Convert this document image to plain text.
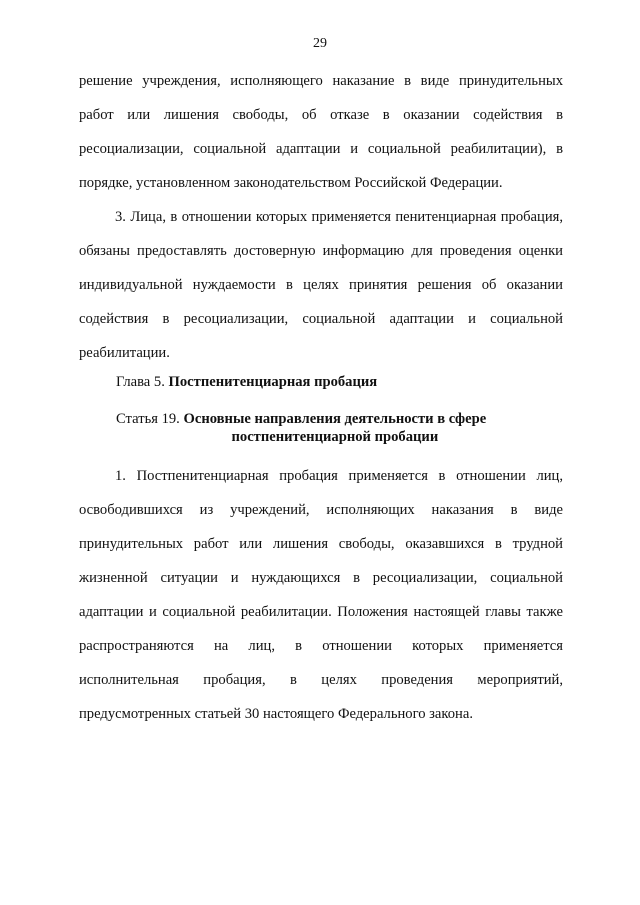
29
решение учреждения, исполняющего наказание в виде принудительных работ или лишения свободы, об отказе в оказании содействия в ресоциализации, социальной адаптации и социальной реабилитации), в порядке, установленном законодательством Российской Федерации.
3. Лица, в отношении которых применяется пенитенциарная пробация, обязаны предоставлять достоверную информацию для проведения оценки индивидуальной нуждаемости в целях принятия решения об оказании содействия в ресоциализации, социальной адаптации и социальной реабилитации.
Глава 5. Постпенитенциарная пробация
Статья 19. Основные направления деятельности в сфере
постпенитенциарной пробации
1. Постпенитенциарная пробация применяется в отношении лиц, освободившихся из учреждений, исполняющих наказания в виде принудительных работ или лишения свободы, оказавшихся в трудной жизненной ситуации и нуждающихся в ресоциализации, социальной адаптации и социальной реабилитации. Положения настоящей главы также распространяются на лиц, в отношении которых применяется исполнительная пробация, в целях проведения мероприятий, предусмотренных статьей 30 настоящего Федерального закона.
